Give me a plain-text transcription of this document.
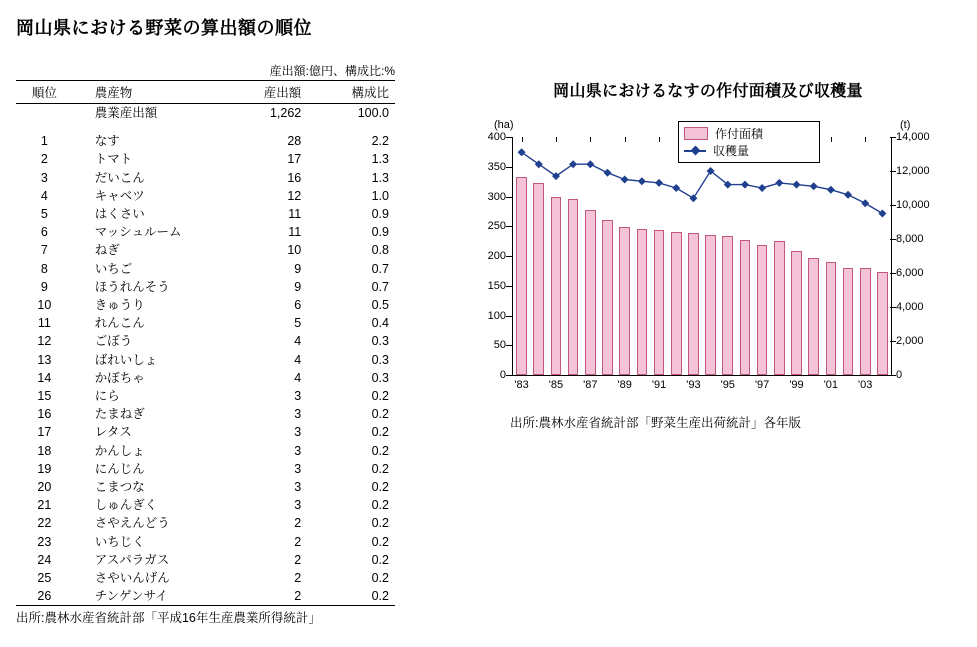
岡山県における野菜の算出額の順位
産出額:億円、構成比:%
順位	農産物	産出額	構成比
	農業産出額	1,262	100.0

1	なす	28	2.2
2	トマト	17	1.3
3	だいこん	16	1.3
4	キャベツ	12	1.0
5	はくさい	11	0.9
6	マッシュルーム	11	0.9
7	ねぎ	10	0.8
8	いちご	9	0.7
9	ほうれんそう	9	0.7
10	きゅうり	6	0.5
11	れんこん	5	0.4
12	ごぼう	4	0.3
13	ばれいしょ	4	0.3
14	かぼちゃ	4	0.3
15	にら	3	0.2
16	たまねぎ	3	0.2
17	レタス	3	0.2
18	かんしょ	3	0.2
19	にんじん	3	0.2
20	こまつな	3	0.2
21	しゅんぎく	3	0.2
22	さやえんどう	2	0.2
23	いちじく	2	0.2
24	アスパラガス	2	0.2
25	さやいんげん	2	0.2
26	チンゲンサイ	2	0.2
出所:農林水産省統計部「平成16年生産農業所得統計」
岡山県におけるなすの作付面積及び収穫量
(ha)	(t)
0
50
100
150
200
250
300
350
400
0
2,000
4,000
6,000
8,000
10,000
12,000
14,000
'83 '85 '87 '89 '91 '93 '95 '97 '99 '01 '03
作付面積
収穫量
出所:農林水産省統計部「野菜生産出荷統計」各年版
